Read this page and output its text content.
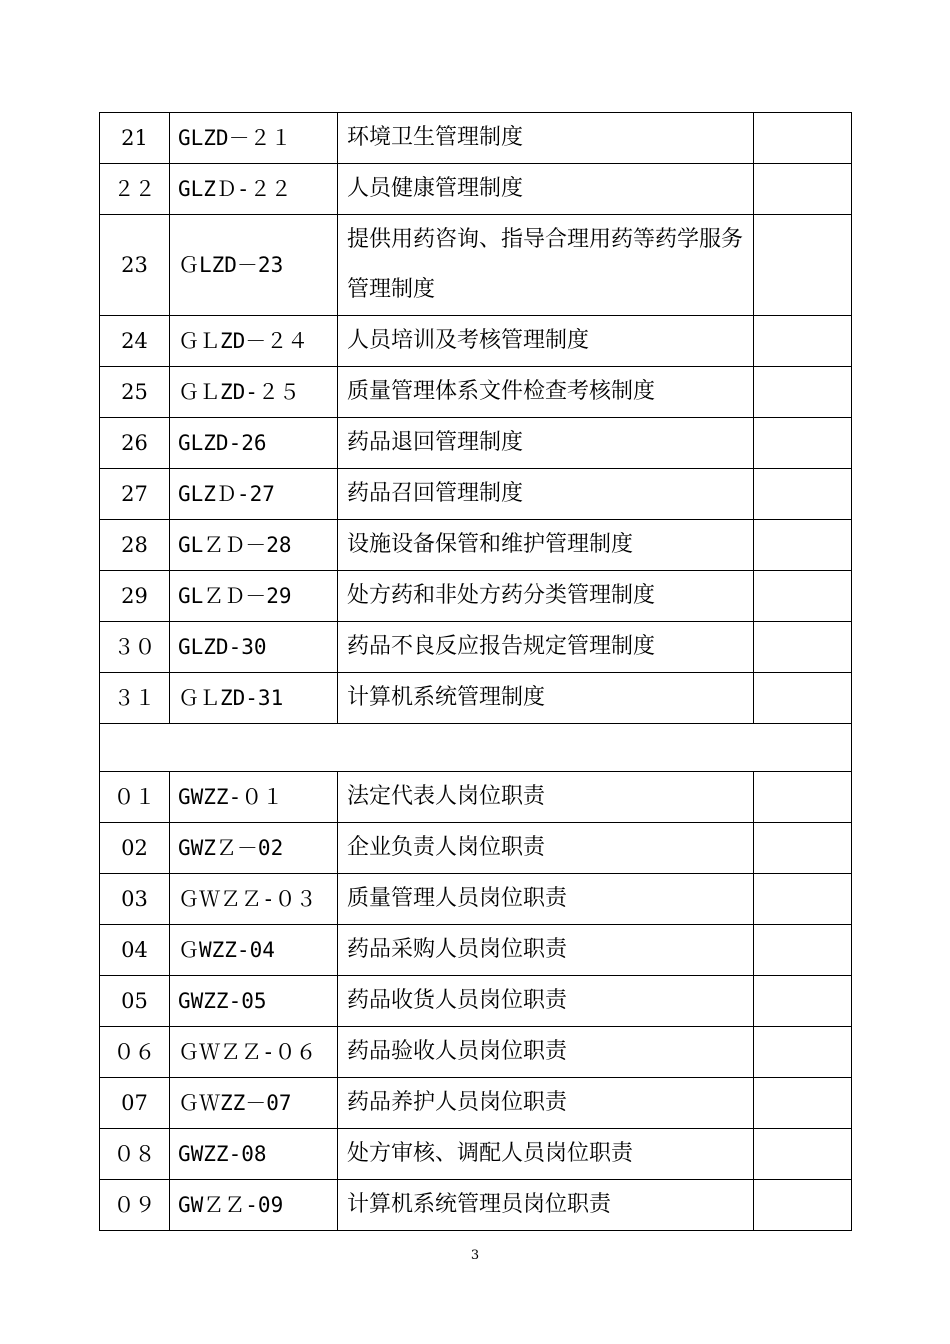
21	GLZD－２１	环境卫生管理制度	
２２	GLZＤ-２２	人员健康管理制度	
23	ＧLZD－23	提供用药咨询、指导合理用药等药学服务管理制度	
24	ＧＬZD－２４	人员培训及考核管理制度	
25	ＧＬZD-２５	质量管理体系文件检查考核制度	
26	GLZD-26	药品退回管理制度	
27	GLZＤ-27	药品召回管理制度	
28	GLＺＤ－28	设施设备保管和维护管理制度	
29	GLＺＤ－29	处方药和非处方药分类管理制度	
３０	GLZD-30	药品不良反应报告规定管理制度	
３１	ＧＬZD-31	计算机系统管理制度	

０１	GWZZ-０１	法定代表人岗位职责	
02	GWZＺ－02	企业负责人岗位职责	
03	ＧＷＺＺ-０３	质量管理人员岗位职责	
04	ＧWZZ-04	药品采购人员岗位职责	
05	GWZZ-05	药品收货人员岗位职责	
０６	ＧＷＺＺ-０６	药品验收人员岗位职责	
07	ＧＷZZ－07	药品养护人员岗位职责	
０８	GWZZ-08	处方审核、调配人员岗位职责	
０９	GWＺＺ-09	计算机系统管理员岗位职责	
3
